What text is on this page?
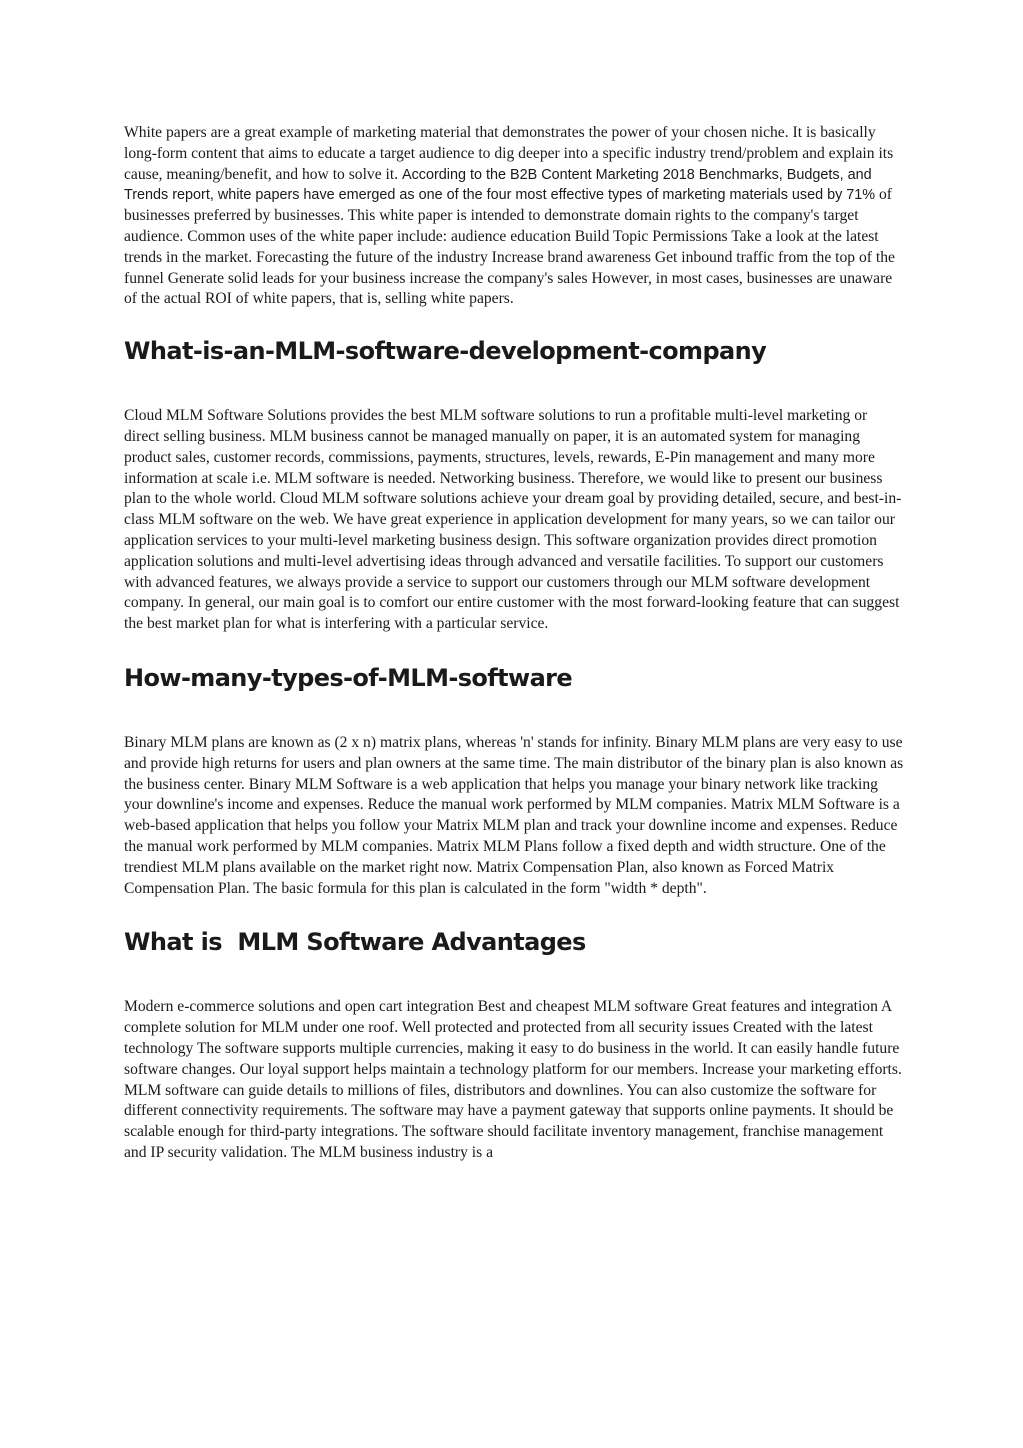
White papers are a great example of marketing material that demonstrates the power of your chosen niche. It is basically long-form content that aims to educate a target audience to dig deeper into a specific industry trend/problem and explain its cause, meaning/benefit, and how to solve it. According to the B2B Content Marketing 2018 Benchmarks, Budgets, and Trends report, white papers have emerged as one of the four most effective types of marketing materials used by 71% of businesses preferred by businesses. This white paper is intended to demonstrate domain rights to the company's target audience. Common uses of the white paper include: audience education Build Topic Permissions Take a look at the latest trends in the market. Forecasting the future of the industry Increase brand awareness Get inbound traffic from the top of the funnel Generate solid leads for your business increase the company's sales However, in most cases, businesses are unaware of the actual ROI of white papers, that is, selling white papers.

What-is-an-MLM-software-development-company

Cloud MLM Software Solutions provides the best MLM software solutions to run a profitable multi-level marketing or direct selling business. MLM business cannot be managed manually on paper, it is an automated system for managing product sales, customer records, commissions, payments, structures, levels, rewards, E-Pin management and many more information at scale i.e. MLM software is needed. Networking business. Therefore, we would like to present our business plan to the whole world. Cloud MLM software solutions achieve your dream goal by providing detailed, secure, and best-in-class MLM software on the web. We have great experience in application development for many years, so we can tailor our application services to your multi-level marketing business design. This software organization provides direct promotion application solutions and multi-level advertising ideas through advanced and versatile facilities. To support our customers with advanced features, we always provide a service to support our customers through our MLM software development company. In general, our main goal is to comfort our entire customer with the most forward-looking feature that can suggest the best market plan for what is interfering with a particular service.

How-many-types-of-MLM-software

Binary MLM plans are known as (2 x n) matrix plans, whereas 'n' stands for infinity. Binary MLM plans are very easy to use and provide high returns for users and plan owners at the same time. The main distributor of the binary plan is also known as the business center. Binary MLM Software is a web application that helps you manage your binary network like tracking your downline's income and expenses. Reduce the manual work performed by MLM companies. Matrix MLM Software is a web-based application that helps you follow your Matrix MLM plan and track your downline income and expenses. Reduce the manual work performed by MLM companies. Matrix MLM Plans follow a fixed depth and width structure. One of the trendiest MLM plans available on the market right now. Matrix Compensation Plan, also known as Forced Matrix Compensation Plan. The basic formula for this plan is calculated in the form "width * depth".

What is  MLM Software Advantages

Modern e-commerce solutions and open cart integration Best and cheapest MLM software Great features and integration A complete solution for MLM under one roof. Well protected and protected from all security issues Created with the latest technology The software supports multiple currencies, making it easy to do business in the world. It can easily handle future software changes. Our loyal support helps maintain a technology platform for our members. Increase your marketing efforts. MLM software can guide details to millions of files, distributors and downlines. You can also customize the software for different connectivity requirements. The software may have a payment gateway that supports online payments. It should be scalable enough for third-party integrations. The software should facilitate inventory management, franchise management and IP security validation. The MLM business industry is a
